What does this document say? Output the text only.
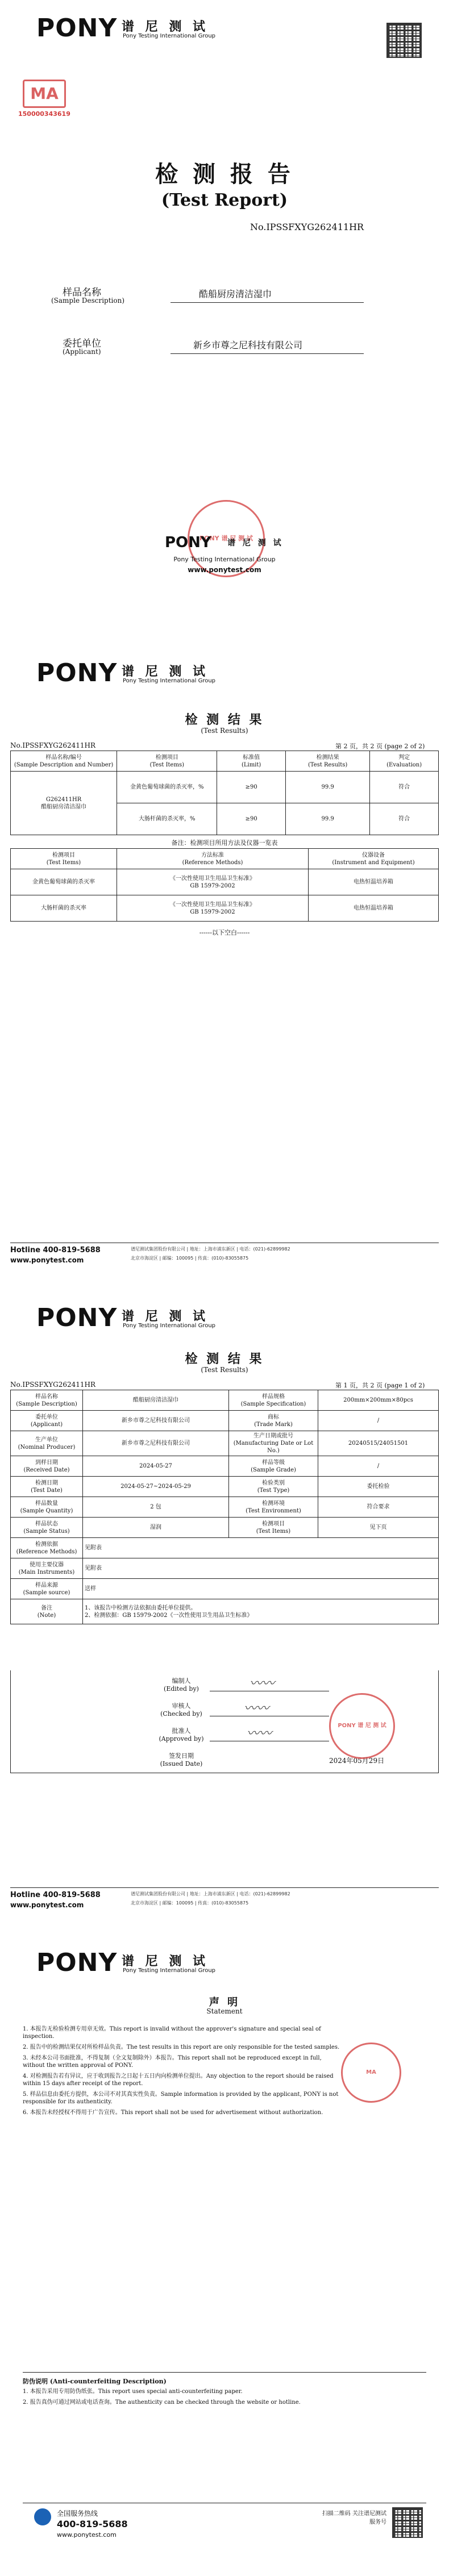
PONY 谱 尼 测 试
Pony Testing International Group
MA
150000343619
检 测 报 告
(Test Report)
No.IPSSFXYG262411HR
样品名称
(Sample Description)
酷船厨房清洁湿巾
委托单位
(Applicant)
新乡市尊之尼科技有限公司
PONY 谱 尼 测 试
PONY 谱 尼 测 试
Pony Testing International Group
www.ponytest.com
PONY 谱 尼 测 试
Pony Testing International Group
检 测 结 果
(Test Results)
No.IPSSFXYG262411HR	第 2 页，共 2 页 (page 2 of 2)
样品名称/编号
(Sample Description and Number)	检测项目
(Test Items)	标准值
(Limit)	检测结果
(Test Results)	判定
(Evaluation)
G262411HR
酷船厨房清洁湿巾	金黄色葡萄球菌的杀灭率，%	≥90	99.9	符合
	大肠杆菌的杀灭率，%	≥90	99.9	符合
备注：检测项目所用方法及仪器一览表
检测项目
(Test Items)	方法标准
(Reference Methods)	仪器设备
(Instrument and Equipment)
金黄色葡萄球菌的杀灭率	《一次性使用卫生用品卫生标准》
GB 15979-2002	电热恒温培养箱
大肠杆菌的杀灭率	《一次性使用卫生用品卫生标准》
GB 15979-2002	电热恒温培养箱
------以下空白------
Hotline 400-819-5688
www.ponytest.com
谱尼测试集团股份有限公司 | 地址：上海市浦东新区 | 电话：(021)-62899982
北京市海淀区 | 邮编：100095 | 传真：(010)-83055875
PONY 谱 尼 测 试
Pony Testing International Group
检 测 结 果
(Test Results)
No.IPSSFXYG262411HR	第 1 页，共 2 页 (page 1 of 2)
样品名称
(Sample Description)	酷船厨房清洁湿巾	样品规格
(Sample Specification)	200mm×200mm×80pcs
委托单位
(Applicant)	新乡市尊之尼科技有限公司	商标
(Trade Mark)	/
生产单位
(Nominal Producer)	新乡市尊之尼科技有限公司	生产日期或批号
(Manufacturing Date or Lot No.)	20240515/24051501
到样日期
(Received Date)	2024-05-27	样品等级
(Sample Grade)	/
检测日期
(Test Date)	2024-05-27~2024-05-29	检验类别
(Test Type)	委托检验
样品数量
(Sample Quantity)	2 包	检测环境
(Test Environment)	符合要求
样品状态
(Sample Status)	湿润	检测项目
(Test Items)	见下页
检测依据
(Reference Methods)	见附表		
使用主要仪器
(Main Instruments)	见附表		
样品来源
(Sample source)	送样		
备注
(Note)	1、该报告中检测方法依据由委托单位提供。
2、检测依据：GB 15979-2002《一次性使用卫生用品卫生标准》		
编制人
(Edited by)
审核人
(Checked by)
批准人
(Approved by)
签发日期
(Issued Date)	2024年05月29日
〰〰
〰〰
〰〰
PONY 谱 尼 测 试
Hotline 400-819-5688
www.ponytest.com
谱尼测试集团股份有限公司 | 地址：上海市浦东新区 | 电话：(021)-62899982
北京市海淀区 | 邮编：100095 | 传真：(010)-83055875
PONY 谱 尼 测 试
Pony Testing International Group
声 明
Statement
MA

1. 本报告无检验检测专用章无效。This report is invalid without the approver's signature and special seal of inspection.

2. 报告中的检测结果仅对所检样品负责。The test results in this report are only responsible for the tested samples.

3. 未经本公司书面批准，不得复制（全文复制除外）本报告。This report shall not be reproduced except in full, without the written approval of PONY.

4. 对检测报告若有异议，应于收到报告之日起十五日内向检测单位提出。Any objection to the report should be raised within 15 days after receipt of the report.

5. 样品信息由委托方提供，本公司不对其真实性负责。Sample information is provided by the applicant, PONY is not responsible for its authenticity.

6. 本报告未经授权不得用于广告宣传。This report shall not be used for advertisement without authorization.

防伪说明 (Anti-counterfeiting Description)

1. 本报告采用专用防伪纸张。This report uses special anti-counterfeiting paper.

2. 报告真伪可通过网站或电话查询。The authenticity can be checked through the website or hotline.

全国服务热线
400-819-5688
www.ponytest.com
扫描二维码 关注谱尼测试服务号
